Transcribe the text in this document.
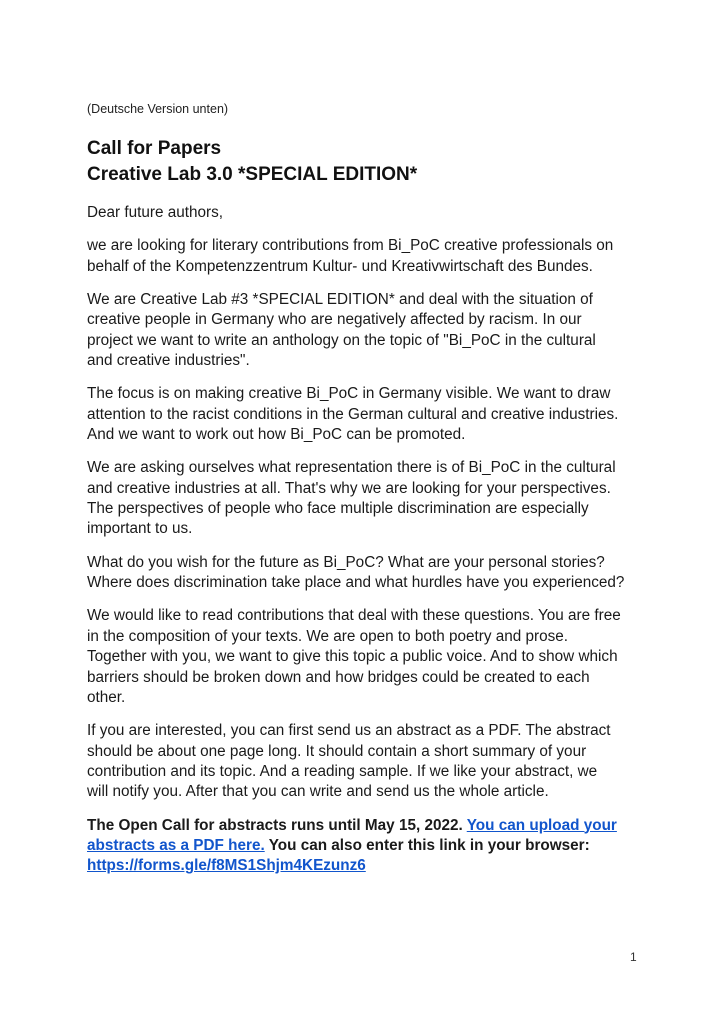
(Deutsche Version unten)
Call for Papers
Creative Lab 3.0 *SPECIAL EDITION*

Dear future authors,

we are looking for literary contributions from Bi_PoC creative professionals on
behalf of the Kompetenzzentrum Kultur- und Kreativwirtschaft des Bundes.

We are Creative Lab #3 *SPECIAL EDITION* and deal with the situation of
creative people in Germany who are negatively affected by racism. In our
project we want to write an anthology on the topic of "Bi_PoC in the cultural
and creative industries".

The focus is on making creative Bi_PoC in Germany visible. We want to draw
attention to the racist conditions in the German cultural and creative industries.
And we want to work out how Bi_PoC can be promoted.

We are asking ourselves what representation there is of Bi_PoC in the cultural
and creative industries at all. That's why we are looking for your perspectives.
The perspectives of people who face multiple discrimination are especially
important to us.

What do you wish for the future as Bi_PoC? What are your personal stories?
Where does discrimination take place and what hurdles have you experienced?

We would like to read contributions that deal with these questions. You are free
in the composition of your texts. We are open to both poetry and prose.
Together with you, we want to give this topic a public voice. And to show which
barriers should be broken down and how bridges could be created to each
other.

If you are interested, you can first send us an abstract as a PDF. The abstract
should be about one page long. It should contain a short summary of your
contribution and its topic. And a reading sample. If we like your abstract, we
will notify you. After that you can write and send us the whole article.

The Open Call for abstracts runs until May 15, 2022. You can upload your
abstracts as a PDF here. You can also enter this link in your browser:
https://forms.gle/f8MS1Shjm4KEzunz6

1
